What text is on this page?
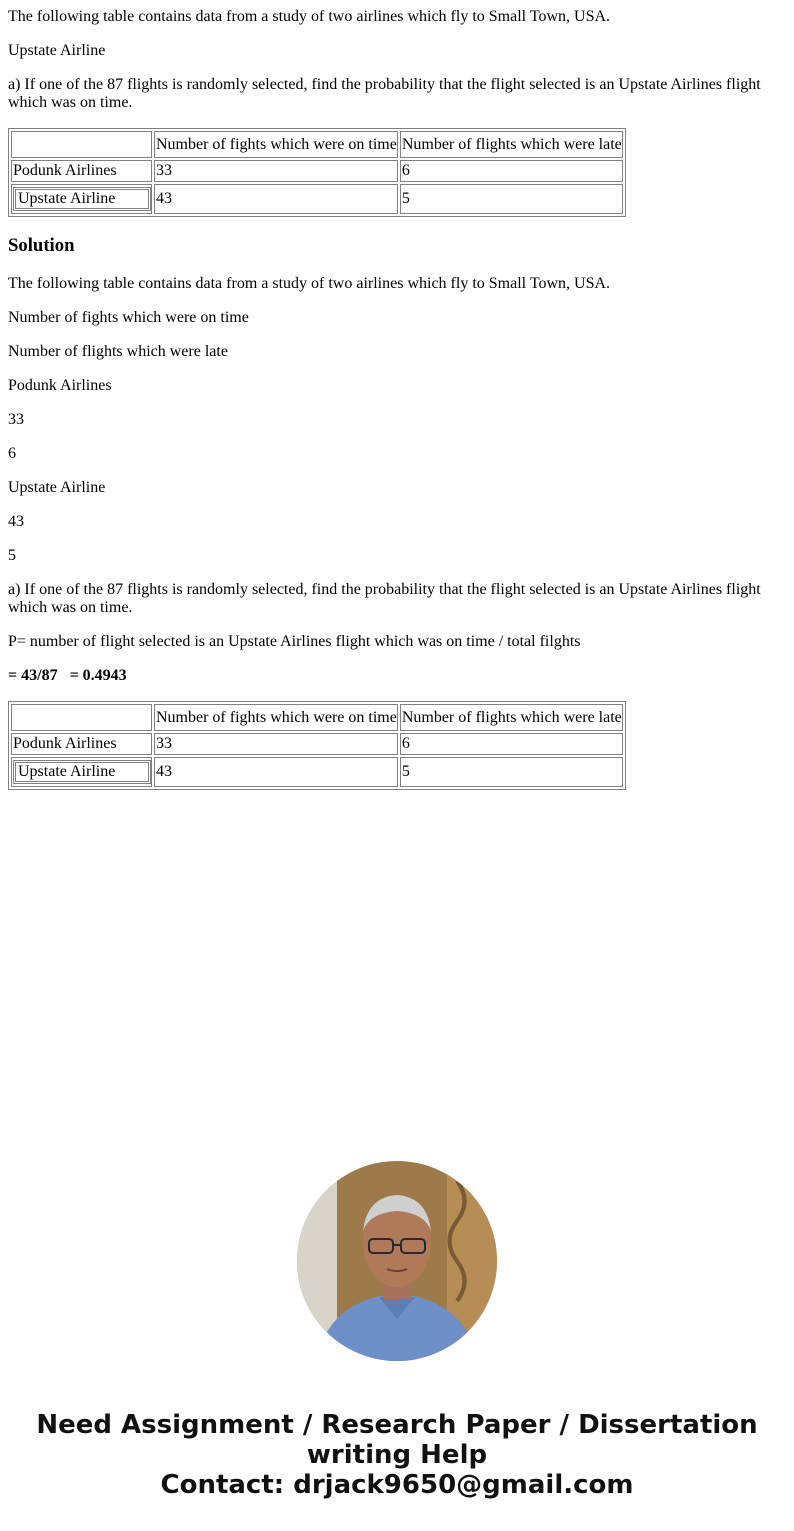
The following table contains data from a study of two airlines which fly to Small Town, USA.

Upstate Airline

a) If one of the 87 flights is randomly selected, find the probability that the flight selected is an Upstate Airlines flight which was on time.

	Number of fights which were on time	Number of flights which were late
Podunk Airlines	33	6

Upstate Airline	43	5
Solution

The following table contains data from a study of two airlines which fly to Small Town, USA.

Number of fights which were on time

Number of flights which were late

Podunk Airlines

33

6

Upstate Airline

43

5

a) If one of the 87 flights is randomly selected, find the probability that the flight selected is an Upstate Airlines flight which was on time.

P= number of flight selected is an Upstate Airlines flight which was on time / total filghts

= 43/87   = 0.4943

	Number of fights which were on time	Number of flights which were late
Podunk Airlines	33	6

Upstate Airline	43	5
Need Assignment / Research Paper / Dissertation
writing Help
Contact: drjack9650@gmail.com
